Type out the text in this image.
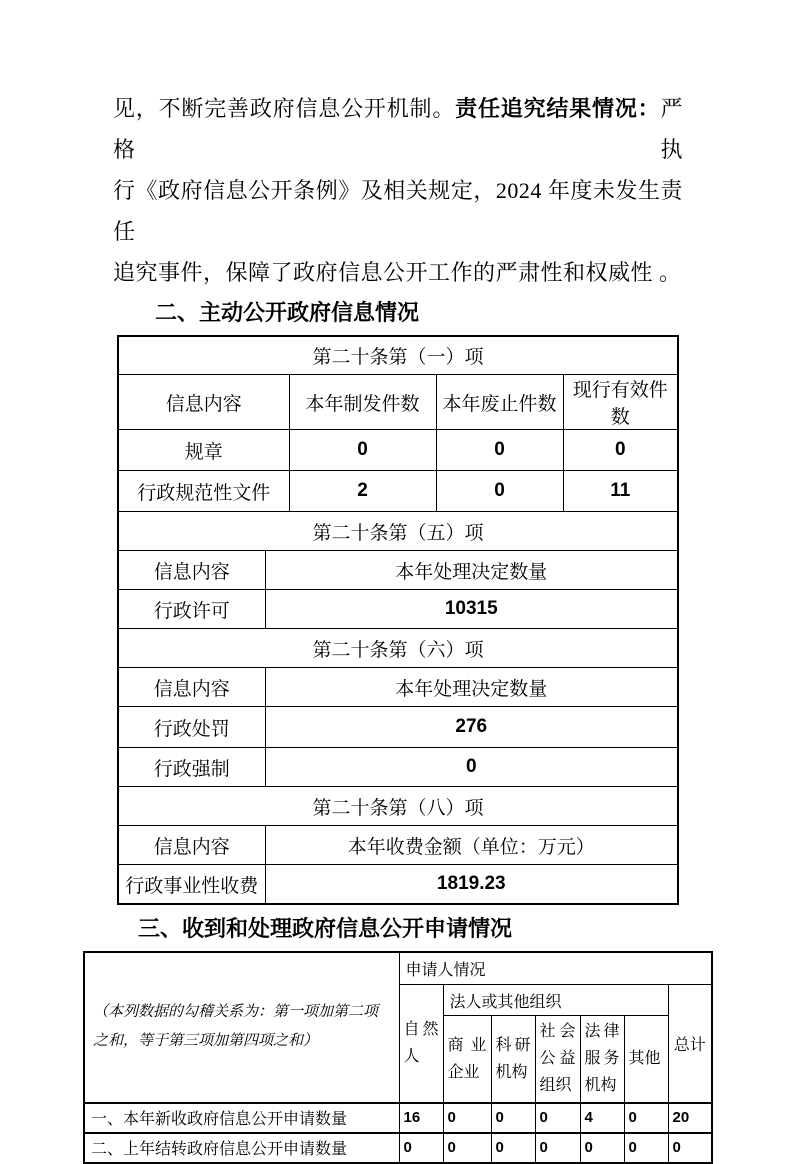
见，不断完善政府信息公开机制。责任追究结果情况：严格执
行《政府信息公开条例》及相关规定，2024 年度未发生责任
追究事件，保障了政府信息公开工作的严肃性和权威性 。
二、主动公开政府信息情况
第二十条第（一）项				
信息内容		本年制发件数	本年废止件数	现行有效件数
规章		0	0	0
行政规范性文件		2	0	11
第二十条第（五）项				
信息内容	本年处理决定数量			
行政许可	10315			
第二十条第（六）项				
信息内容	本年处理决定数量			
行政处罚	276			
行政强制	0			
第二十条第（八）项				
信息内容	本年收费金额（单位：万元）			
行政事业性收费	1819.23			
三、收到和处理政府信息公开申请情况
（本列数据的勾稽关系为：第一项加第二项之和，等于第三项加第四项之和）	申请人情况						
	自然人	法人或其他组织					总计
		商业企业	科研机构	社会公益组织	法律服务机构	其他	
一、本年新收政府信息公开申请数量	16	0	0	0	4	0	20
二、上年结转政府信息公开申请数量	0	0	0	0	0	0	0
